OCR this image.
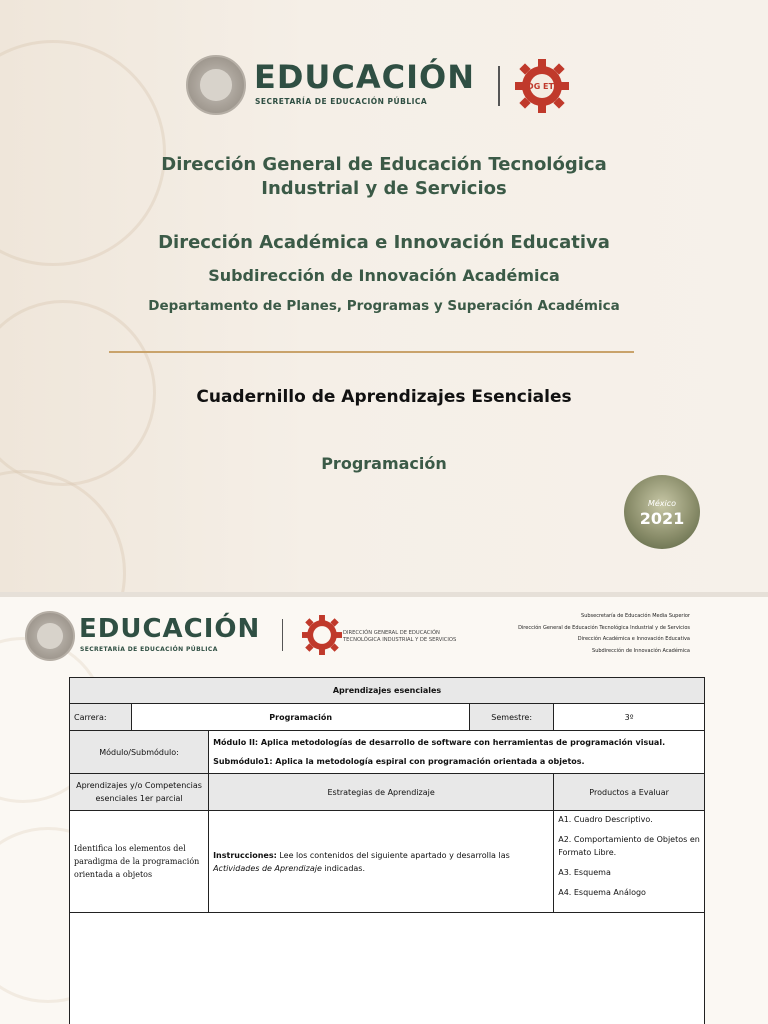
EDUCACIÓN
SECRETARÍA DE EDUCACIÓN PÚBLICA
DG ETI
Dirección General de Educación Tecnológica
Industrial y de Servicios
Dirección Académica e Innovación Educativa
Subdirección de Innovación Académica
Departamento de Planes, Programas y Superación Académica
Cuadernillo de Aprendizajes Esenciales
Programación
México
2021
EDUCACIÓN
SECRETARÍA DE EDUCACIÓN PÚBLICA
DIRECCIÓN GENERAL DE EDUCACIÓN
TECNOLÓGICA INDUSTRIAL Y DE SERVICIOS
Subsecretaría de Educación Media Superior
Dirección General de Educación Tecnológica Industrial y de Servicios
Dirección Académica e Innovación Educativa
Subdirección de Innovación Académica
Aprendizajes esenciales				
Carrera:	Programación		Semestre:	3º
Módulo/Submódulo:		Módulo II: Aplica metodologías de desarrollo de software con herramientas de programación visual.
Submódulo1: Aplica la metodología espiral con programación orientada a objetos.		

Aprendizajes y/o Competencias esenciales 1er parcial		Estrategias de Aprendizaje		Productos a Evaluar
Identifica los elementos del paradigma de la programación orientada a objetos		Instrucciones: Lee los contenidos del siguiente apartado y desarrolla las Actividades de Aprendizaje indicadas.		A1. Cuadro Descriptivo.
A2. Comportamiento de Objetos en Formato Libre.
A3. Esquema
A4. Esquema Análogo
